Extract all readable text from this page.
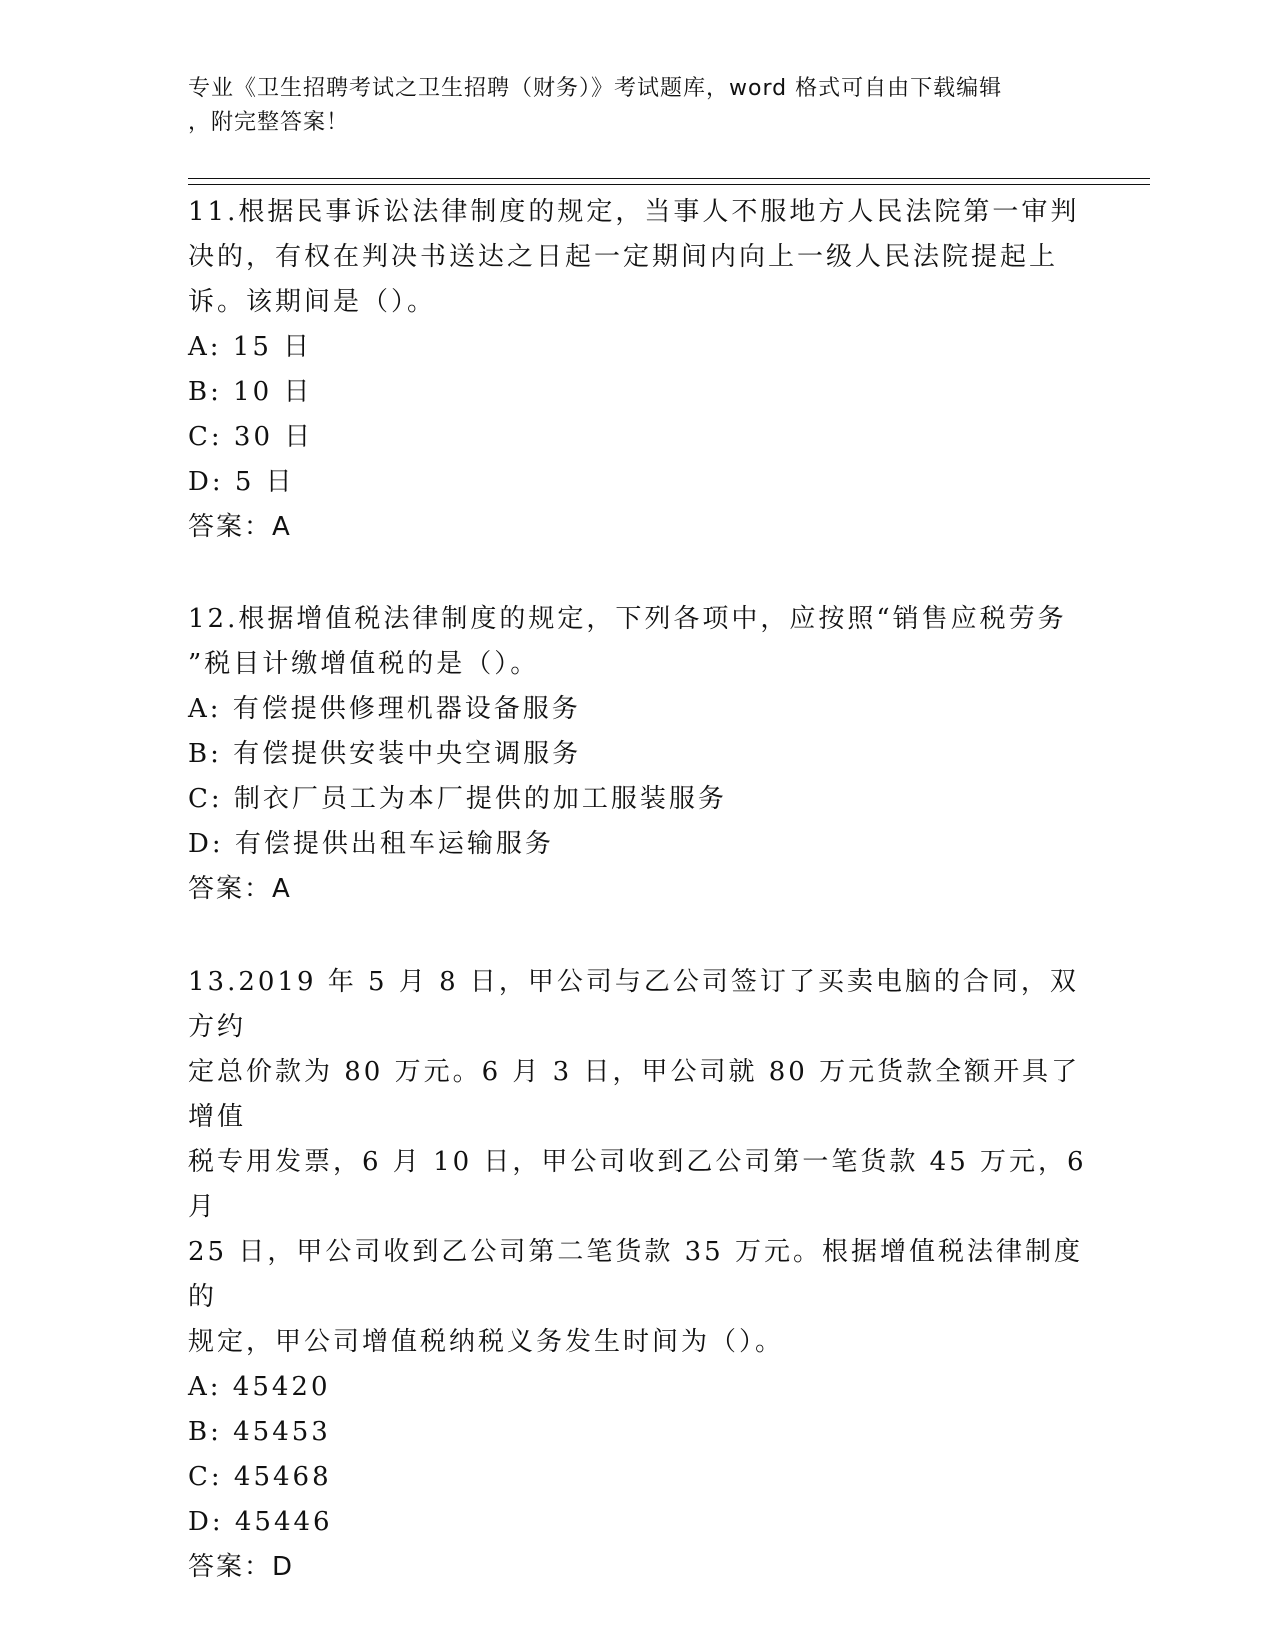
专业《卫生招聘考试之卫生招聘（财务）》考试题库，word 格式可自由下载编辑
，附完整答案！

11.根据民事诉讼法律制度的规定，当事人不服地方人民法院第一审判

决的，有权在判决书送达之日起一定期间内向上一级人民法院提起上

诉。该期间是（）。

A: 15 日

B: 10 日

C: 30 日

D: 5 日

答案：A

12.根据增值税法律制度的规定，下列各项中，应按照“销售应税劳务

”税目计缴增值税的是（）。

A: 有偿提供修理机器设备服务

B: 有偿提供安装中央空调服务

C: 制衣厂员工为本厂提供的加工服装服务

D: 有偿提供出租车运输服务

答案：A

13.2019 年 5 月 8 日，甲公司与乙公司签订了买卖电脑的合同，双方约

定总价款为 80 万元。6 月 3 日，甲公司就 80 万元货款全额开具了增值

税专用发票，6 月 10 日，甲公司收到乙公司第一笔货款 45 万元，6 月

25 日，甲公司收到乙公司第二笔货款 35 万元。根据增值税法律制度的

规定，甲公司增值税纳税义务发生时间为（）。

A: 45420

B: 45453

C: 45468

D: 45446

答案：D
